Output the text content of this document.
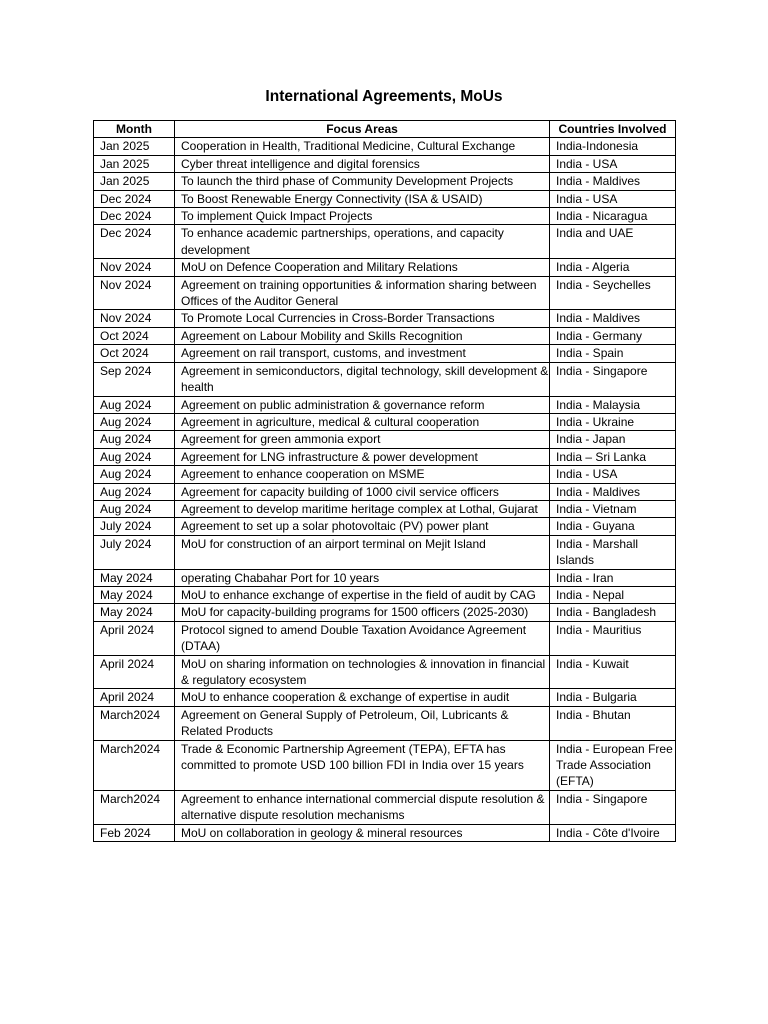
International Agreements, MoUs
Month	Focus Areas	Countries Involved
Jan 2025	Cooperation in Health, Traditional Medicine, Cultural Exchange	India-Indonesia
Jan 2025	Cyber threat intelligence and digital forensics	India - USA
Jan 2025	To launch the third phase of Community Development Projects	India - Maldives
Dec 2024	To Boost Renewable Energy Connectivity (ISA & USAID)	India - USA
Dec 2024	To implement Quick Impact Projects	India - Nicaragua
Dec 2024	To enhance academic partnerships, operations, and capacity development	India and UAE
Nov 2024	MoU on Defence Cooperation and Military Relations	India - Algeria
Nov 2024	Agreement on training opportunities & information sharing between Offices of the Auditor General	India - Seychelles
Nov 2024	To Promote Local Currencies in Cross-Border Transactions	India - Maldives
Oct 2024	Agreement on Labour Mobility and Skills Recognition	India - Germany
Oct 2024	Agreement on rail transport, customs, and investment	India - Spain
Sep 2024	Agreement in semiconductors, digital technology, skill development & health	India - Singapore
Aug 2024	Agreement on public administration & governance reform	India - Malaysia
Aug 2024	Agreement in agriculture, medical & cultural cooperation	India - Ukraine
Aug 2024	Agreement for green ammonia export	India - Japan
Aug 2024	Agreement for LNG infrastructure & power development	India – Sri Lanka
Aug 2024	Agreement to enhance cooperation on MSME	India - USA
Aug 2024	Agreement for capacity building of 1000 civil service officers	India - Maldives
Aug 2024	Agreement to develop maritime heritage complex at Lothal, Gujarat	India - Vietnam
July 2024	Agreement to set up a solar photovoltaic (PV) power plant	India - Guyana
July 2024	MoU for construction of an airport terminal on Mejit Island	India - Marshall Islands
May 2024	operating Chabahar Port for 10 years	India - Iran
May 2024	MoU to enhance exchange of expertise in the field of audit by CAG	India - Nepal
May 2024	MoU for capacity-building programs for 1500 officers (2025-2030)	India - Bangladesh
April 2024	Protocol signed to amend Double Taxation Avoidance Agreement (DTAA)	India - Mauritius
April 2024	MoU on sharing information on technologies & innovation in financial & regulatory ecosystem	India - Kuwait
April 2024	MoU to enhance cooperation & exchange of expertise in audit	India - Bulgaria
March2024	Agreement on General Supply of Petroleum, Oil, Lubricants & Related Products	India - Bhutan
March2024	Trade & Economic Partnership Agreement (TEPA), EFTA has committed to promote USD 100 billion FDI in India over 15 years	India - European Free Trade Association (EFTA)
March2024	Agreement to enhance international commercial dispute resolution & alternative dispute resolution mechanisms	India - Singapore
Feb 2024	MoU on collaboration in geology & mineral resources	India - Côte d'Ivoire
